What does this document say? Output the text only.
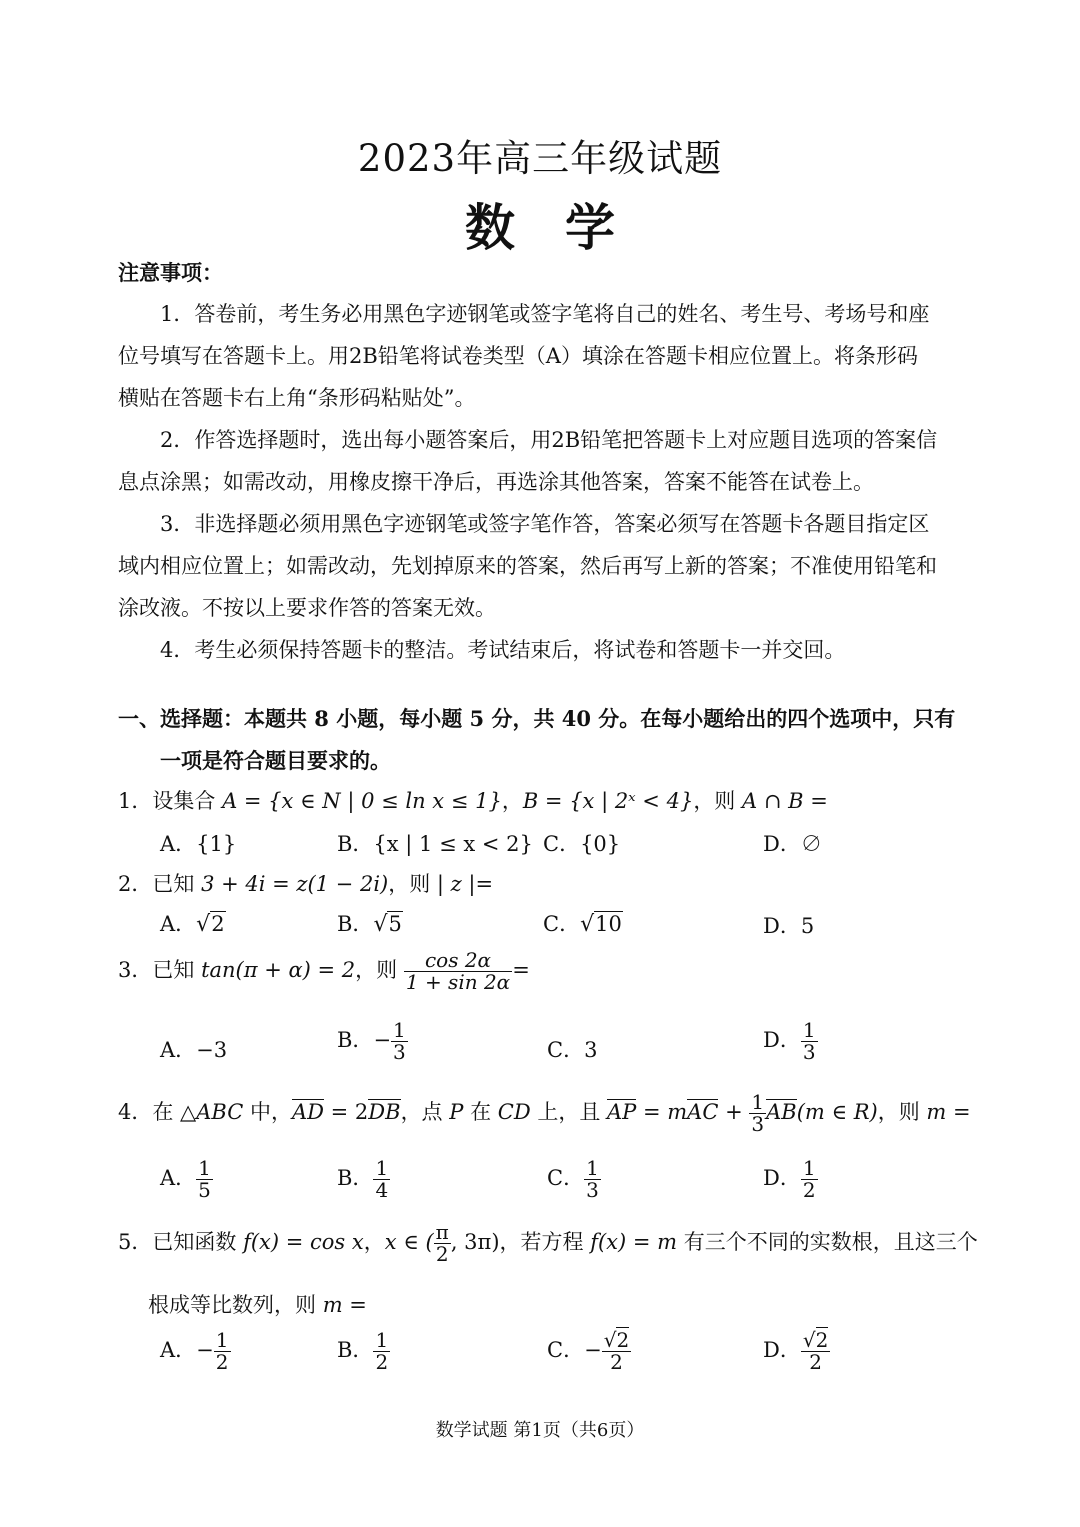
2023年高三年级试题
数　学
注意事项：
1．答卷前，考生务必用黑色字迹钢笔或签字笔将自己的姓名、考生号、考场号和座
位号填写在答题卡上。用2B铅笔将试卷类型（A）填涂在答题卡相应位置上。将条形码
横贴在答题卡右上角“条形码粘贴处”。
2．作答选择题时，选出每小题答案后，用2B铅笔把答题卡上对应题目选项的答案信
息点涂黑；如需改动，用橡皮擦干净后，再选涂其他答案，答案不能答在试卷上。
3．非选择题必须用黑色字迹钢笔或签字笔作答，答案必须写在答题卡各题目指定区
域内相应位置上；如需改动，先划掉原来的答案，然后再写上新的答案；不准使用铅笔和
涂改液。不按以上要求作答的答案无效。
4．考生必须保持答题卡的整洁。考试结束后，将试卷和答题卡一并交回。
一、选择题：本题共 8 小题，每小题 5 分，共 40 分。在每小题给出的四个选项中，只有
一项是符合题目要求的。
1．设集合 A = {x ∈ N | 0 ≤ ln x ≤ 1}，B = {x | 2ˣ < 4}，则 A ∩ B =
A．{1}	B．{x | 1 ≤ x < 2} C．{0}	D．∅
2．已知 3 + 4i = z(1 − 2i)，则 | z |=
A．√2	B．√5	C．√10	D．5
3．已知 tan(π + α) = 2，则 $\frac{\cos 2\alpha}{1 + \sin 2\alpha}$ =
A．−3	B．− $\frac{1}{3}$	C．3	D． $\frac{1}{3}$
4．在 △ABC 中，AD = 2DB，点 P 在 CD 上，且 AP = mAC + $\frac{1}{3} AB(m$ ∈ R)，则 m =
A． $\frac{1}{5}$	B． $\frac{1}{4}$	C． $\frac{1}{3}$	D． $\frac{1}{2}$
5．已知函数 f(x) = cos x，x ∈ ( $\frac{\pi}{2}$ , 3π)，若方程 f(x) = m 有三个不同的实数根，且这三个
根成等比数列，则 m =
A．− $\frac{1}{2}$	B． $\frac{1}{2}$	C．− $\frac{√2}{2}$	D． $\frac{√2}{2}$
数学试题 第1页（共6页）
